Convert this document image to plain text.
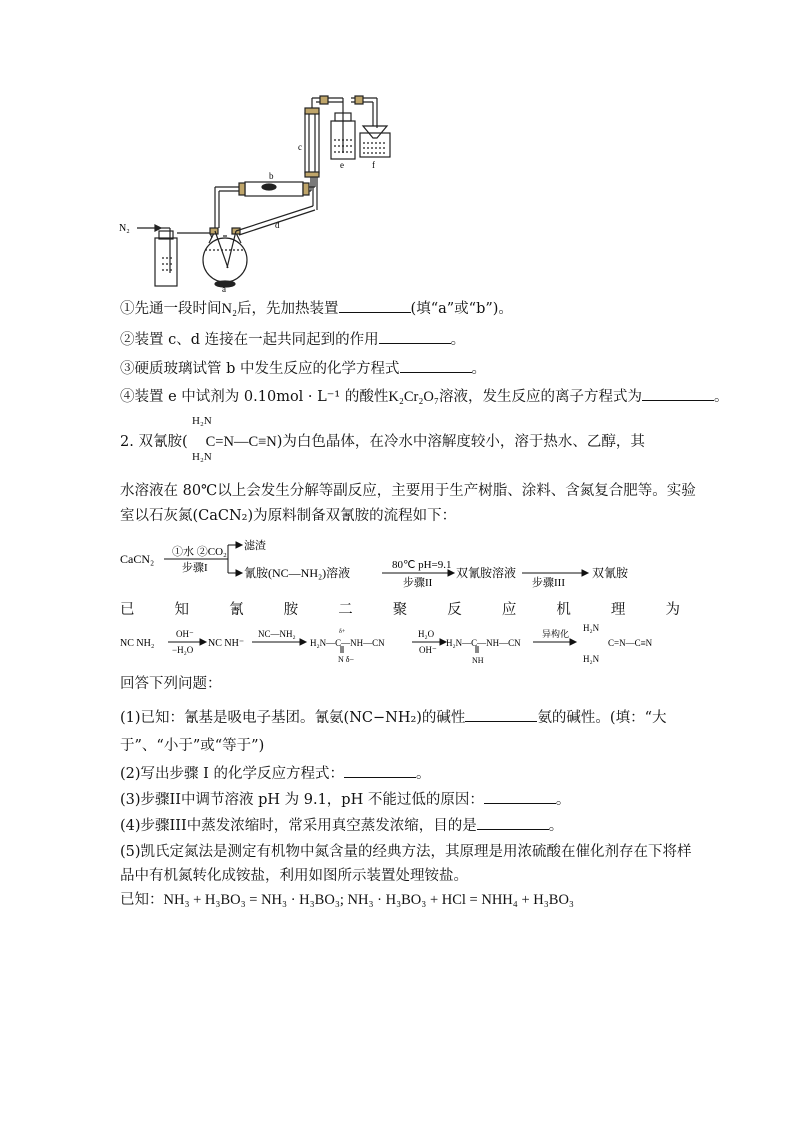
N₂
a
b
c
d
e	f
①先通一段时间N₂后，先加热装置	(填“a”或“b”)。
②装置 c、d 连接在一起共同起到的作用	。
③硬质玻璃试管 b 中发生反应的化学方程式	。
④装置 e 中试剂为 0.10mol · L⁻¹ 的酸性K₂Cr₂O₇溶液，发生反应的离子方程式为	。
H₂N
2. 双氰胺( C=N—C≡N)为白色晶体，在冷水中溶解度较小，溶于热水、乙醇，其
H₂N
水溶液在 80℃以上会发生分解等副反应，主要用于生产树脂、涂料、含氮复合肥等。实验
室以石灰氮(CaCN₂)为原料制备双氰胺的流程如下：
CaCN₂ ①水 ②CO₂
步骤I
滤渣
氰胺(NC—NH₂)溶液
80℃ pH=9.1
步骤II
双氰胺溶液
步骤III
双氰胺
已	知	氰	胺	二	聚	反	应	机	理	为
NC NH₂
OH⁻
−H₂O
NC NH⁻
NC—NH₂
H₂N—C—NH—CN
δ+
N δ−
H₂O
OH⁻
H₂N—C—NH—CN
NH
异构化
H₂N
C=N—C≡N
H₂N
回答下列问题：
(1)已知：氰基是吸电子基团。氰氨(NC−NH₂)的碱性	氨的碱性。(填：“大
于”、“小于”或“等于”)
(2)写出步骤 I 的化学反应方程式：	。
(3)步骤II中调节溶液 pH 为 9.1，pH 不能过低的原因：	。
(4)步骤III中蒸发浓缩时，常采用真空蒸发浓缩，目的是	。
(5)凯氏定氮法是测定有机物中氮含量的经典方法，其原理是用浓硫酸在催化剂存在下将样
品中有机氮转化成铵盐，利用如图所示装置处理铵盐。
已知：NH₃ + H₃BO₃ = NH₃ · H₃BO₃; NH₃ · H₃BO₃ + HCl = NHH₄ + H₃BO₃
